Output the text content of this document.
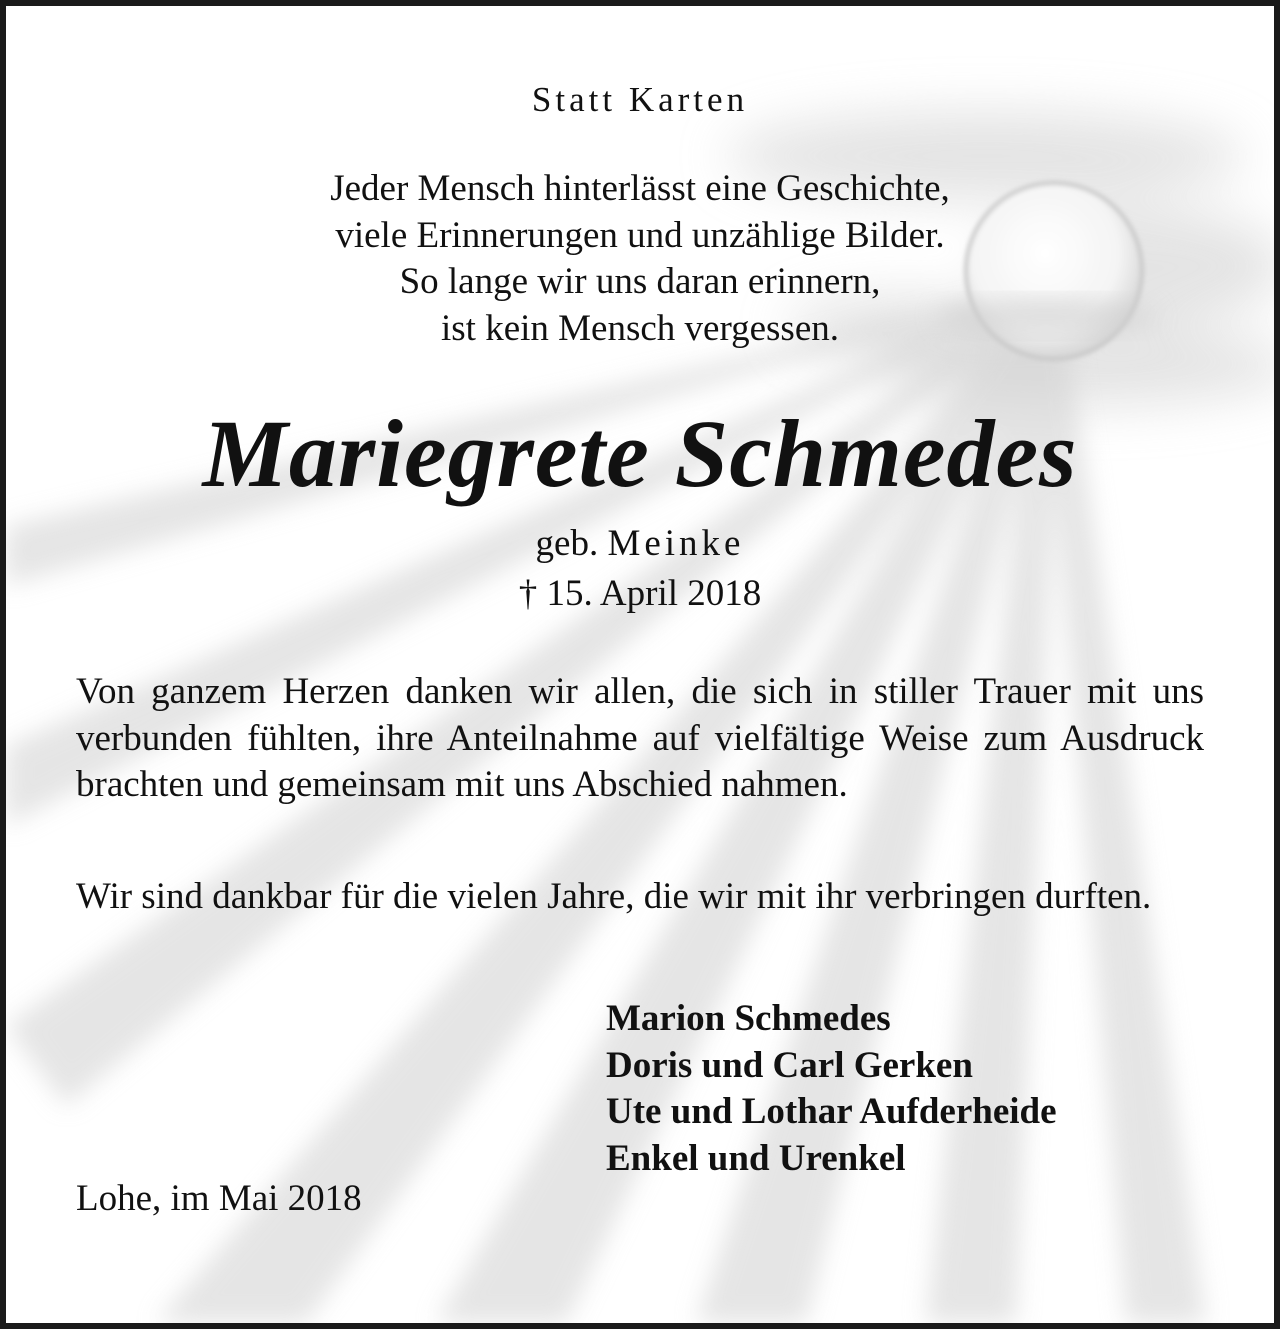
Statt Karten
Jeder Mensch hinterlässt eine Geschichte,
viele Erinnerungen und unzählige Bilder.
So lange wir uns daran erinnern,
ist kein Mensch vergessen.
Mariegrete Schmedes
geb. Meinke
† 15. April 2018
Von ganzem Herzen danken wir allen, die sich in stiller Trauer mit uns verbunden fühlten, ihre Anteilnahme auf vielfältige Weise zum Ausdruck brachten und gemeinsam mit uns Abschied nahmen.
Wir sind dankbar für die vielen Jahre, die wir mit ihr verbringen durften.
Marion Schmedes
Doris und Carl Gerken
Ute und Lothar Aufderheide
Enkel und Urenkel
Lohe, im Mai 2018
